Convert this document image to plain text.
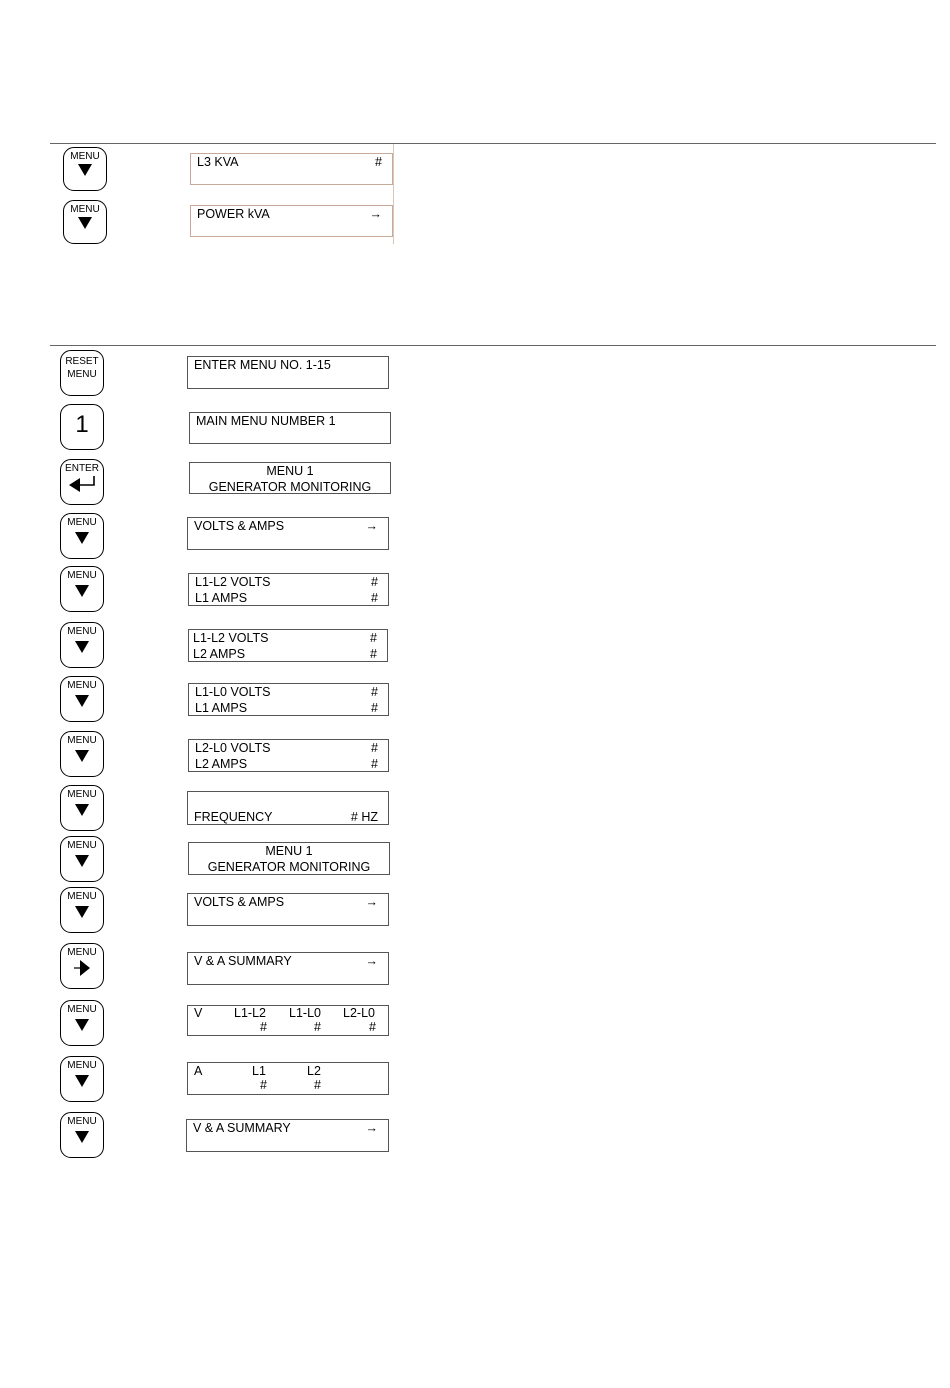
MENU	L3 KVA	#
MENU	POWER kVA	→
RESET
MENU
ENTER MENU NO. 1-15
1	MAIN MENU NUMBER 1
ENTER	MENU 1
GENERATOR MONITORING
MENU	VOLTS & AMPS	→
MENU	L1-L2 VOLTS	#
L1 AMPS	#
MENU	L1-L2 VOLTS	#
L2 AMPS	#
MENU	L1-L0 VOLTS	#
L1 AMPS	#
MENU
L2-L0 VOLTS	#
L2 AMPS	#
MENU
FREQUENCY	# HZ
MENU	MENU 1
GENERATOR MONITORING
MENU	VOLTS & AMPS	→
MENU
V & A SUMMARY	→
MENU	V	L1-L2 L1-L0 L2-L0
#	#	#
MENU	A	L1	L2
#	#
MENU	V & A SUMMARY	→
